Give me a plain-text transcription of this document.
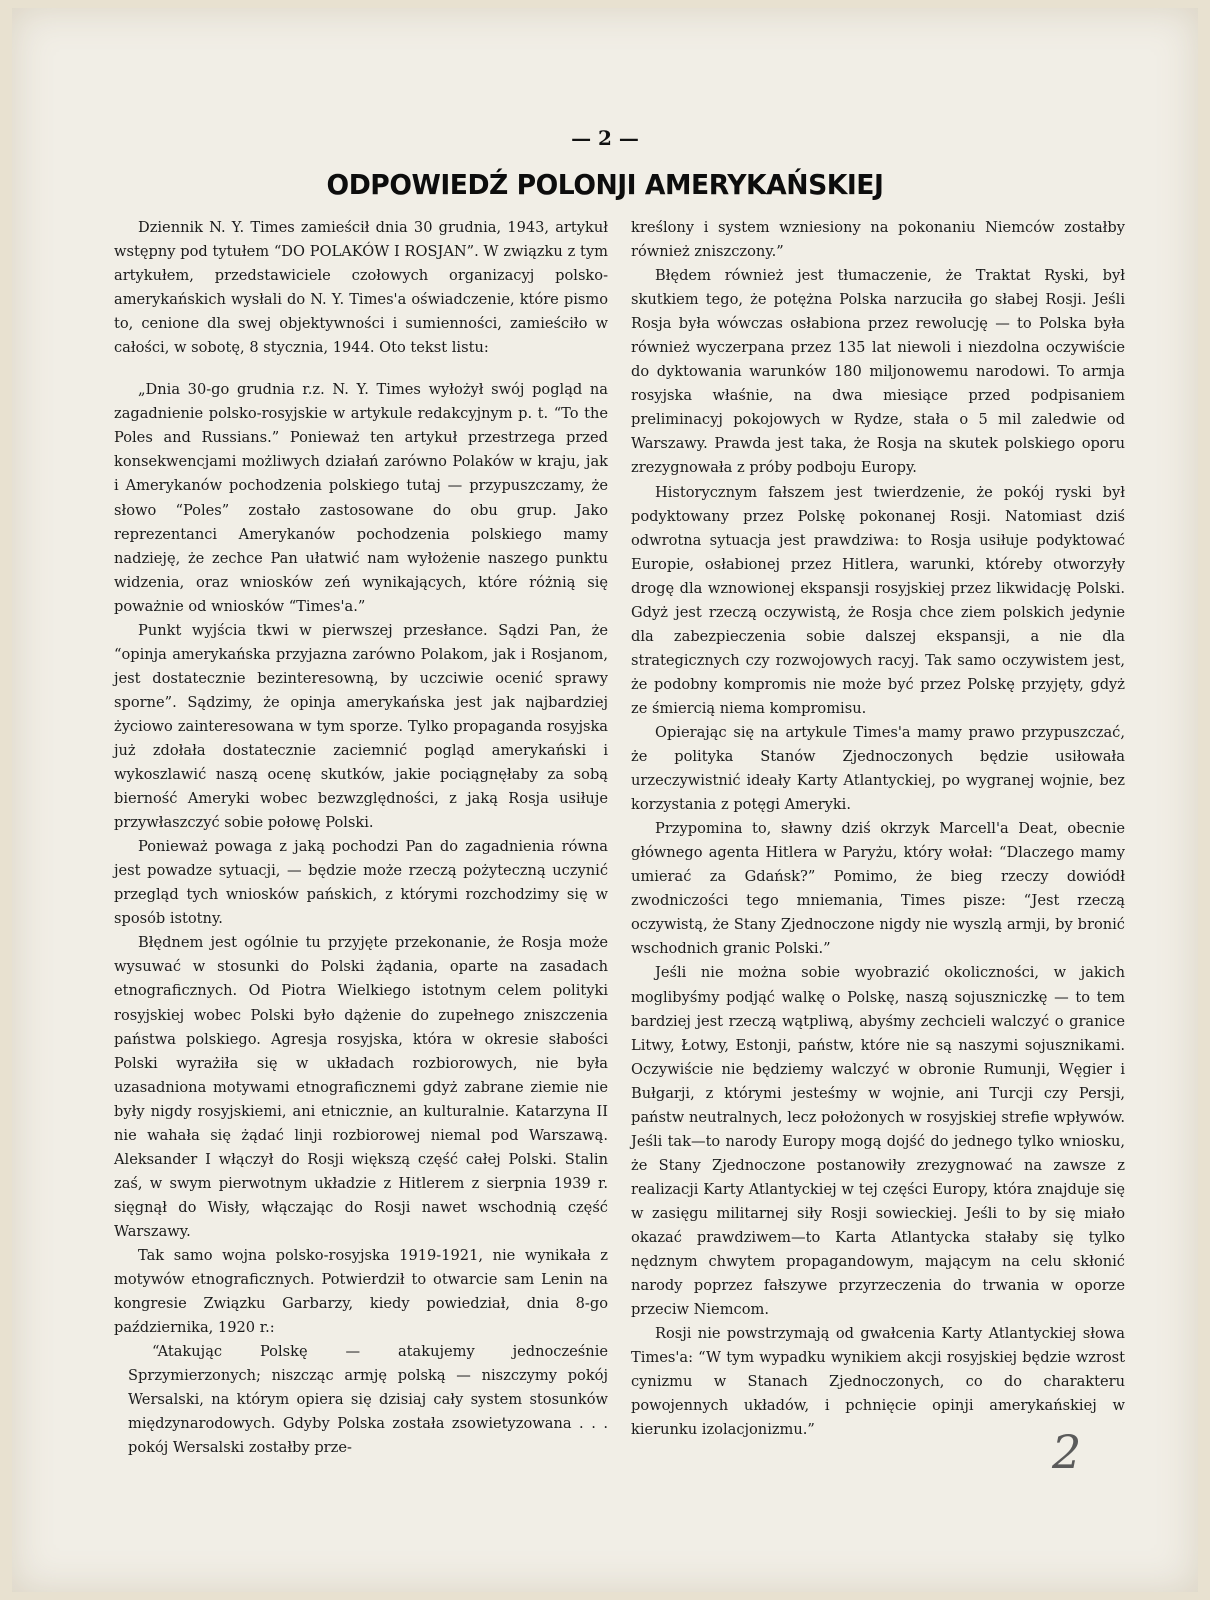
— 2 —
ODPOWIEDŹ POLONJI AMERYKAŃSKIEJ

Dziennik N. Y. Times zamieścił dnia 30 grudnia, 1943, artykuł wstępny pod tytułem “DO POLAKÓW I ROSJAN”. W związku z tym artykułem, przedstawiciele czołowych organizacyj polsko-amerykańskich wysłali do N. Y. Times'a oświadczenie, które pismo to, cenione dla swej objektywności i sumienności, zamieściło w całości, w sobotę, 8 stycznia, 1944. Oto tekst listu:

„Dnia 30-go grudnia r.z. N. Y. Times wyłożył swój pogląd na zagadnienie polsko-rosyjskie w artykule redakcyjnym p. t. “To the Poles and Russians.” Ponieważ ten artykuł przestrzega przed konsekwencjami możliwych działań zarówno Polaków w kraju, jak i Amerykanów pochodzenia polskiego tutaj — przypuszczamy, że słowo “Poles” zostało zastosowane do obu grup. Jako reprezentanci Amerykanów pochodzenia polskiego mamy nadzieję, że zechce Pan ułatwić nam wyłożenie naszego punktu widzenia, oraz wniosków zeń wynikających, które różnią się poważnie od wniosków “Times'a.”

Punkt wyjścia tkwi w pierwszej przesłance. Sądzi Pan, że “opinja amerykańska przyjazna zarówno Polakom, jak i Rosjanom, jest dostatecznie bezinteresowną, by uczciwie ocenić sprawy sporne”. Sądzimy, że opinja amerykańska jest jak najbardziej życiowo zainteresowana w tym sporze. Tylko propaganda rosyjska już zdołała dostatecznie zaciemnić pogląd amerykański i wykoszlawić naszą ocenę skutków, jakie pociągnęłaby za sobą bierność Ameryki wobec bezwzględności, z jaką Rosja usiłuje przywłaszczyć sobie połowę Polski.

Ponieważ powaga z jaką pochodzi Pan do zagadnienia równa jest powadze sytuacji, — będzie może rzeczą pożyteczną uczynić przegląd tych wniosków pańskich, z którymi rozchodzimy się w sposób istotny.

Błędnem jest ogólnie tu przyjęte przekonanie, że Rosja może wysuwać w stosunki do Polski żądania, oparte na zasadach etnograficznych. Od Piotra Wielkiego istotnym celem polityki rosyjskiej wobec Polski było dążenie do zupełnego zniszczenia państwa polskiego. Agresja rosyjska, która w okresie słabości Polski wyrażiła się w układach rozbiorowych, nie była uzasadniona motywami etnograficznemi gdyż zabrane ziemie nie były nigdy rosyjskiemi, ani etnicznie, an kulturalnie. Katarzyna II nie wahała się żądać linji rozbiorowej niemal pod Warszawą. Aleksander I włączył do Rosji większą część całej Polski. Stalin zaś, w swym pierwotnym układzie z Hitlerem z sierpnia 1939 r. sięgnął do Wisły, włączając do Rosji nawet wschodnią część Warszawy.

Tak samo wojna polsko-rosyjska 1919-1921, nie wynikała z motywów etnograficznych. Potwierdził to otwarcie sam Lenin na kongresie Związku Garbarzy, kiedy powiedział, dnia 8-go października, 1920 r.:

“Atakując Polskę — atakujemy jednocześnie Sprzymierzonych; niszcząc armję polską — niszczymy pokój Wersalski, na którym opiera się dzisiaj cały system stosunków międzynarodowych. Gdyby Polska została zsowietyzowana . . . pokój Wersalski zostałby prze-

kreślony i system wzniesiony na pokonaniu Niemców zostałby również zniszczony.”

Błędem również jest tłumaczenie, że Traktat Ryski, był skutkiem tego, że potężna Polska narzuciła go słabej Rosji. Jeśli Rosja była wówczas osłabiona przez rewolucję — to Polska była również wyczerpana przez 135 lat niewoli i niezdolna oczywiście do dyktowania warunków 180 miljonowemu narodowi. To armja rosyjska właśnie, na dwa miesiące przed podpisaniem preliminacyj pokojowych w Rydze, stała o 5 mil zaledwie od Warszawy. Prawda jest taka, że Rosja na skutek polskiego oporu zrezygnowała z próby podboju Europy.

Historycznym fałszem jest twierdzenie, że pokój ryski był podyktowany przez Polskę pokonanej Rosji. Natomiast dziś odwrotna sytuacja jest prawdziwa: to Rosja usiłuje podyktować Europie, osłabionej przez Hitlera, warunki, któreby otworzyły drogę dla wznowionej ekspansji rosyjskiej przez likwidację Polski. Gdyż jest rzeczą oczywistą, że Rosja chce ziem polskich jedynie dla zabezpieczenia sobie dalszej ekspansji, a nie dla strategicznych czy rozwojowych racyj. Tak samo oczywistem jest, że podobny kompromis nie może być przez Polskę przyjęty, gdyż ze śmiercią niema kompromisu.

Opierając się na artykule Times'a mamy prawo przypuszczać, że polityka Stanów Zjednoczonych będzie usiłowała urzeczywistnić ideały Karty Atlantyckiej, po wygranej wojnie, bez korzystania z potęgi Ameryki.

Przypomina to, sławny dziś okrzyk Marcell'a Deat, obecnie głównego agenta Hitlera w Paryżu, który wołał: “Dlaczego mamy umierać za Gdańsk?” Pomimo, że bieg rzeczy dowiódł zwodniczości tego mniemania, Times pisze: “Jest rzeczą oczywistą, że Stany Zjednoczone nigdy nie wyszlą armji, by bronić wschodnich granic Polski.”

Jeśli nie można sobie wyobrazić okoliczności, w jakich moglibyśmy podjąć walkę o Polskę, naszą sojuszniczkę — to tem bardziej jest rzeczą wątpliwą, abyśmy zechcieli walczyć o granice Litwy, Łotwy, Estonji, państw, które nie są naszymi sojusznikami. Oczywiście nie będziemy walczyć w obronie Rumunji, Węgier i Bułgarji, z którymi jesteśmy w wojnie, ani Turcji czy Persji, państw neutralnych, lecz położonych w rosyjskiej strefie wpływów. Jeśli tak—to narody Europy mogą dojść do jednego tylko wniosku, że Stany Zjednoczone postanowiły zrezygnować na zawsze z realizacji Karty Atlantyckiej w tej części Europy, która znajduje się w zasięgu militarnej siły Rosji sowieckiej. Jeśli to by się miało okazać prawdziwem—to Karta Atlantycka stałaby się tylko nędznym chwytem propagandowym, mającym na celu skłonić narody poprzez fałszywe przyrzeczenia do trwania w oporze przeciw Niemcom.

Rosji nie powstrzymają od gwałcenia Karty Atlantyckiej słowa Times'a: “W tym wypadku wynikiem akcji rosyjskiej będzie wzrost cynizmu w Stanach Zjednoczonych, co do charakteru powojennych układów, i pchnięcie opinji amerykańskiej w kierunku izolacjonizmu.”	2
